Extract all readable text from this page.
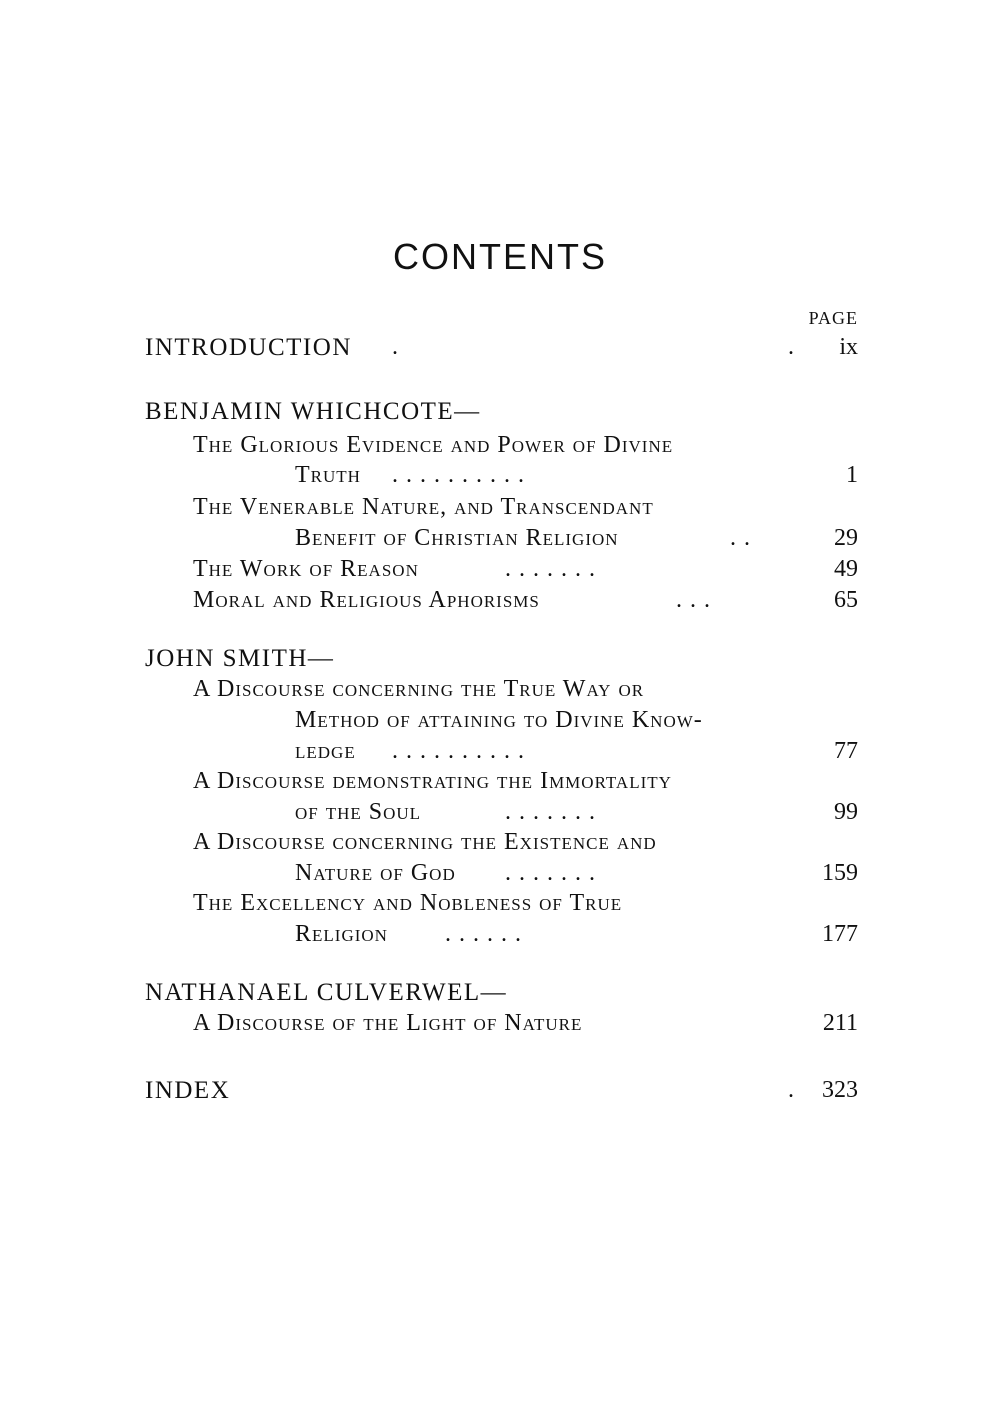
CONTENTS
PAGE
INTRODUCTION .	.	ix
BENJAMIN WHICHCOTE—
The Glorious Evidence and Power of Divine
Truth . . . . . . . . . .	1
The Venerable Nature, and Transcendant
Benefit of Christian Religion	. .	29
The Work of Reason	. . . . . . .	49
Moral and Religious Aphorisms	. . .	65
JOHN SMITH—
A Discourse concerning the True Way or
Method of attaining to Divine Know-
ledge . . . . . . . . . .	77
A Discourse demonstrating the Immortality
of the Soul	. . . . . . .	99
A Discourse concerning the Existence and
Nature of God . . . . . . .	159
The Excellency and Nobleness of True
Religion . . . . . .	177
NATHANAEL CULVERWEL—
A Discourse of the Light of Nature	211
INDEX	.	323
